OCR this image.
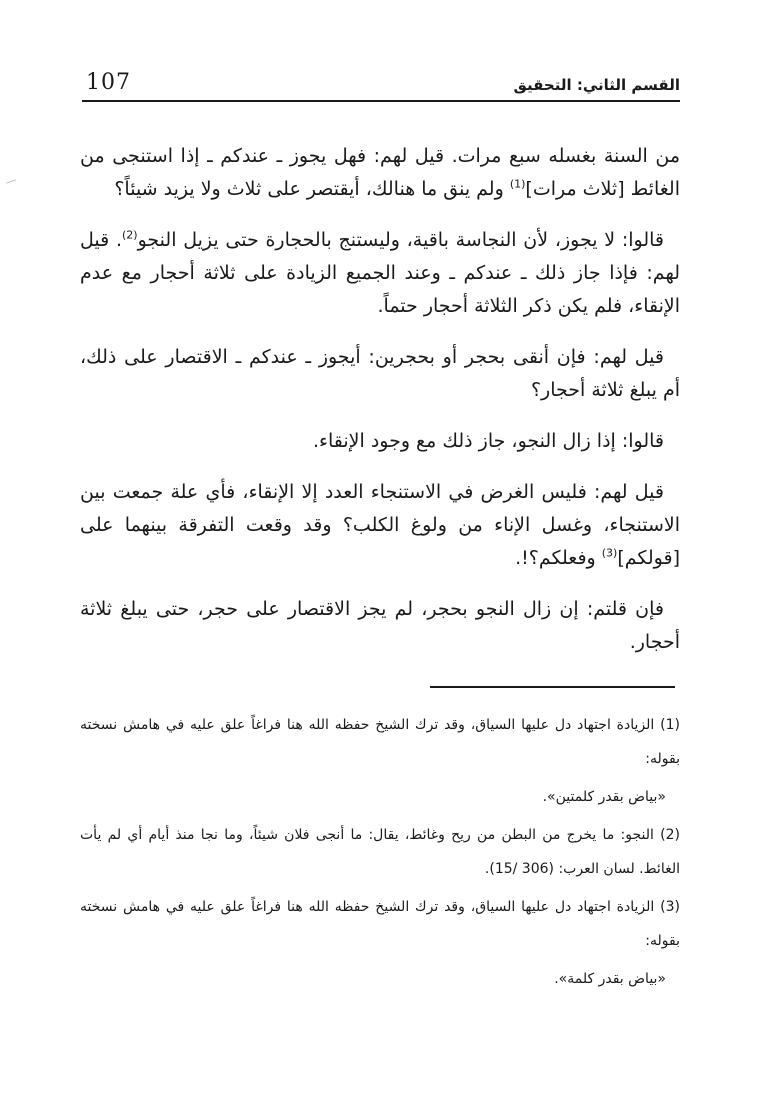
107	القسم الثاني: التحقيق

من السنة بغسله سبع مرات. قيل لهم: فهل يجوز ـ عندكم ـ إذا استنجى من الغائط [ثلاث مرات]$^{(1)}$ ولم ينق ما هنالك، أيقتصر على ثلاث ولا يزيد شيئاً؟

قالوا: لا يجوز، لأن النجاسة باقية، وليستنج بالحجارة حتى يزيل النجو$^{(2)}$. قيل لهم: فإذا جاز ذلك ـ عندكم ـ وعند الجميع الزيادة على ثلاثة أحجار مع عدم الإنقاء، فلم يكن ذكر الثلاثة أحجار حتماً.

قيل لهم: فإن أنقى بحجر أو بحجرين: أيجوز ـ عندكم ـ الاقتصار على ذلك، أم يبلغ ثلاثة أحجار؟

قالوا: إذا زال النجو، جاز ذلك مع وجود الإنقاء.

قيل لهم: فليس الغرض في الاستنجاء العدد إلا الإنقاء، فأي علة جمعت بين الاستنجاء، وغسل الإناء من ولوغ الكلب؟ وقد وقعت التفرقة بينهما على [قولكم]$^{(3)}$ وفعلكم؟!.

فإن قلتم: إن زال النجو بحجر، لم يجز الاقتصار على حجر، حتى يبلغ ثلاثة أحجار.

(1) الزيادة اجتهاد دل عليها السياق، وقد ترك الشيخ حفظه الله هنا فراغاً علق عليه في هامش نسخته بقوله:

«بياض بقدر كلمتين».

(2) النجو: ما يخرج من البطن من ريح وغائط، يقال: ما أنجى فلان شيئاً، وما نجا منذ أيام أي لم يأت الغائط. لسان العرب: (15/ 306).

(3) الزيادة اجتهاد دل عليها السياق، وقد ترك الشيخ حفظه الله هنا فراغاً علق عليه في هامش نسخته بقوله:

«بياض بقدر كلمة».
